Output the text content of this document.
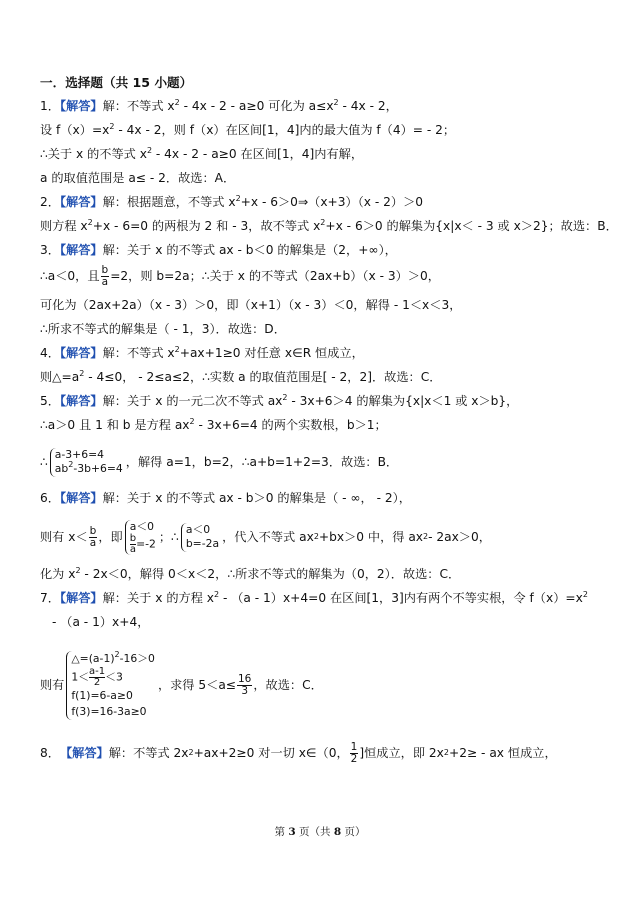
一．选择题（共 15 小题）
1．【解答】解：不等式 $x^2 - 4x - 2 - a\ge 0$ 可化为 $a\le x^2 - 4x - 2$，
设 $f(x)=x^2 - 4x - 2$，则 f（x）在区间[1，4]内的最大值为 f（4）= - 2；
∴关于 x 的不等式 $x^2 - 4x - 2 - a\ge 0$ 在区间[1，4]内有解，
a 的取值范围是 a≤ - 2．故选：A．
2．【解答】解：根据题意，不等式 $x^2+x$ - 6＞0⇒（x+3）（x - 2）＞0
则方程 $x^2+x - 6=0$ 的两根为 2 和 - 3，故不等式 $x^2+x - 6>0$ 的解集为{x|x＜ - 3 或 x＞2}；故选：B．
3．【解答】解：关于 x 的不等式 ax - b＜0 的解集是（2，+∞），
∴a＜0，且 $\frac{b}{a} =2$，则 b=2a；∴关于 x 的不等式（2ax+b）（x - 3）＞0，
可化为（2ax+2a）（x - 3）＞0，即（x+1）（x - 3）＜0，解得 - 1＜x＜3，
∴所求不等式的解集是（ - 1，3）．故选：D．
4．【解答】解：不等式 $x^2+ax+1\ge 0$ 对任意 x∈R 恒成立，
则$\triangle=a^2 - 4\le 0$， - 2≤a≤2，∴实数 a 的取值范围是[ - 2，2]．故选：C．
5．【解答】解：关于 x 的一元二次不等式 $ax^2 - 3x+6>4$ 的解集为{x|x＜1 或 x＞b}，
∴a＞0 且 1 和 b 是方程 $ax^2 - 3x+6=4$ 的两个实数根，b＞1；
∴
a-3+6=4
$ab^2-3b+6=4$ ，解得 a=1，b=2，∴a+b=1+2=3．故选：B．
6．【解答】解：关于 x 的不等式 ax - b＞0 的解集是（ - ∞， - 2），
则有 $x< \frac{b}{a}$ ，即
a＜0
$\frac{b}{a} =-2$ ；∴
a＜0
b=-2a ，代入不等式 ax 2 +bx＞0 中，得 ax 2 - 2ax＞0，
化为 $x^2 - 2x<0$，解得 0＜x＜2，∴所求不等式的解集为（0，2）．故选：C．
7．【解答】解：关于 x 的方程 $x^2 - (a - 1)x+4=0$ 在区间[1，3]内有两个不等实根，令 $f(x)=x^2$
- （a - 1）x+4，
则有
$\triangle=(a-1)^2-16>0$
$1< \frac{a-1}{2} <3$
f(1)=6-a≥0
f(3)=16-3a≥0
，求得 $5<a\le \frac{16}{3}$ ，故选：C．
8． 【解答】 解：不等式 2x 2 +ax+2≥0 对一切 x∈（0， $\frac{1}{2}$ ]恒成立，即 2x 2 +2≥ - ax 恒成立，
第 3 页（共 8 页）
